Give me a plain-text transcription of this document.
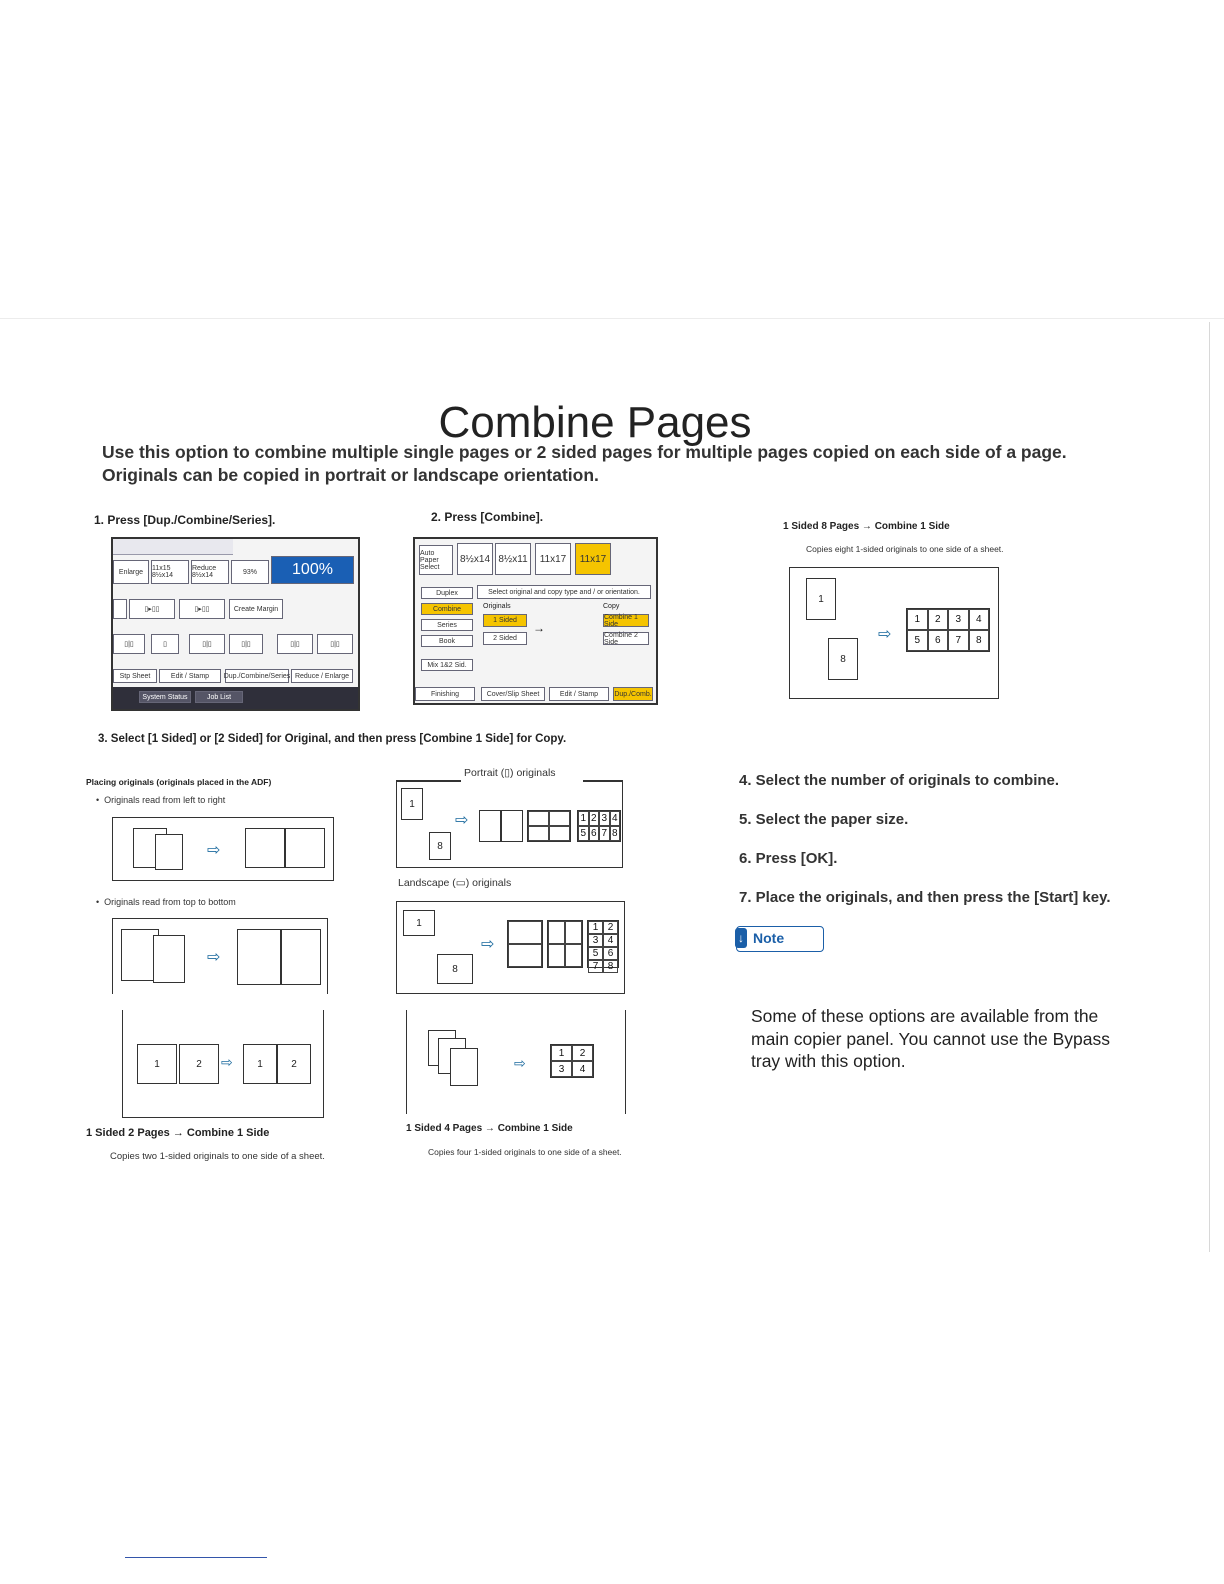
Combine Pages
Use this option to combine multiple single pages or 2 sided pages for multiple pages copied on each side of a page. Originals can be copied in portrait or landscape orientation.
1. Press [Dup./Combine/Series].
Enlarge	11x15 8½x14
Reduce 8½x14	93%	100%
▯▸▯▯	▯▸▯▯	Create Margin
▯|▯	▯	▯|▯	▯|▯	▯|▯	▯|▯
Stp Sheet	Edit / Stamp	Dup./Combine/Series Reduce / Enlarge
System Status	Job List
2. Press [Combine].
Auto Paper Select
8½x14 8½x11	11x17	11x17
Duplex
Combine
Series
Book
Mix 1&2 Sid.
Select original and copy type and / or orientation.
Originals	Copy
1 Sided
2 Sided
→
Combine 1 Side
Combine 2 Side
Finishing	Cover/Slip Sheet	Edit / Stamp	Dup./Comb.
1 Sided 8 Pages → Combine 1 Side
Copies eight 1-sided originals to one side of a sheet.
1
8
⇨
1	2	3	4
5	6	7	8
3. Select [1 Sided] or [2 Sided] for Original, and then press [Combine 1 Side] for Copy.
Placing originals (originals placed in the ADF)
•  Originals read from left to right
⇨
•  Originals read from top to bottom
⇨
Portrait (▯) originals
1
8
⇨	1 2 3 4
5 6 7 8
Landscape (▭) originals
1
8
⇨
1 2
3 4
5 6
7 8
1	2	⇨	1	2
1 Sided 2 Pages → Combine 1 Side
Copies two 1-sided originals to one side of a sheet.
⇨
1	2
3	4
1 Sided 4 Pages → Combine 1 Side
Copies four 1-sided originals to one side of a sheet.
4. Select the number of originals to combine.
5. Select the paper size.
6. Press [OK].
7. Place the originals, and then press the [Start] key.
↓ Note
Some of these options are available from the main copier panel. You cannot use the Bypass tray with this option.
